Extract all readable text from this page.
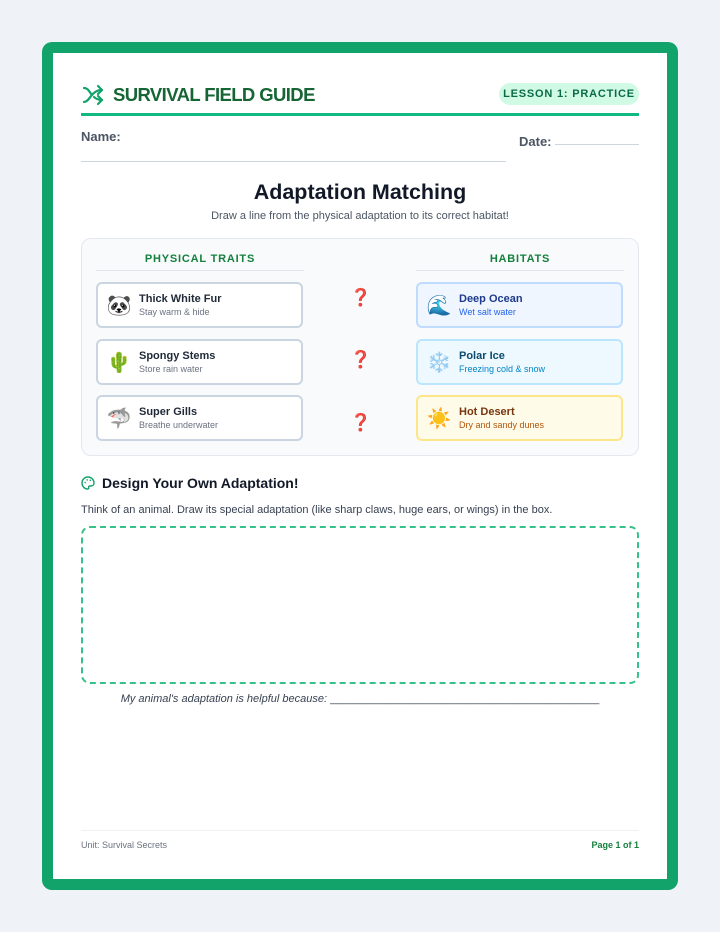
SURVIVAL FIELD GUIDE	LESSON 1: PRACTICE
Name:	Date:
Adaptation Matching
Draw a line from the physical adaptation to its correct habitat!
PHYSICAL TRAITS	HABITATS
🐼 Thick White Fur
Stay warm & hide
🌵 Spongy Stems
Store rain water
🦈 Super Gills
Breathe underwater
❓
❓
❓
🌊 Deep Ocean
Wet salt water
❄️ Polar Ice
Freezing cold & snow
☀️ Hot Desert
Dry and sandy dunes
Design Your Own Adaptation!
Think of an animal. Draw its special adaptation (like sharp claws, huge ears, or wings) in the box.
My animal's adaptation is helpful because: ____________________________________________
Unit: Survival Secrets	Page 1 of 1
